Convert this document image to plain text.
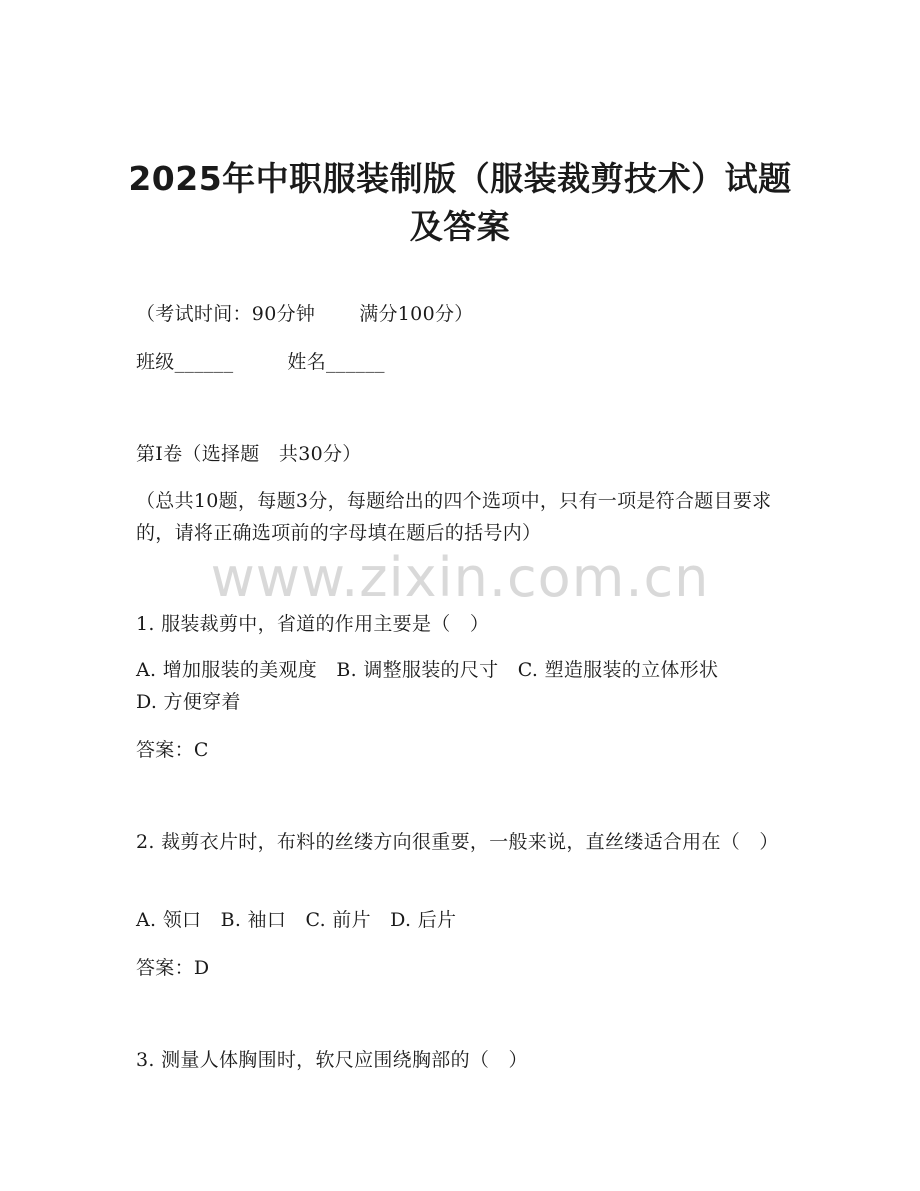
2025年中职服装制版（服装裁剪技术）试题
及答案
（考试时间：90分钟 满分100分）
班级______	姓名______
第I卷（选择题　共30分）
（总共10题，每题3分，每题给出的四个选项中，只有一项是符合题目要求的，请将正确选项前的字母填在题后的括号内）
www.zixin.com.cn
1. 服装裁剪中，省道的作用主要是（　）
A. 增加服装的美观度　B. 调整服装的尺寸　C. 塑造服装的立体形状
D. 方便穿着
答案：C
2. 裁剪衣片时，布料的丝缕方向很重要，一般来说，直丝缕适合用在（　）
A. 领口　B. 袖口　C. 前片　D. 后片
答案：D
3. 测量人体胸围时，软尺应围绕胸部的（　）
